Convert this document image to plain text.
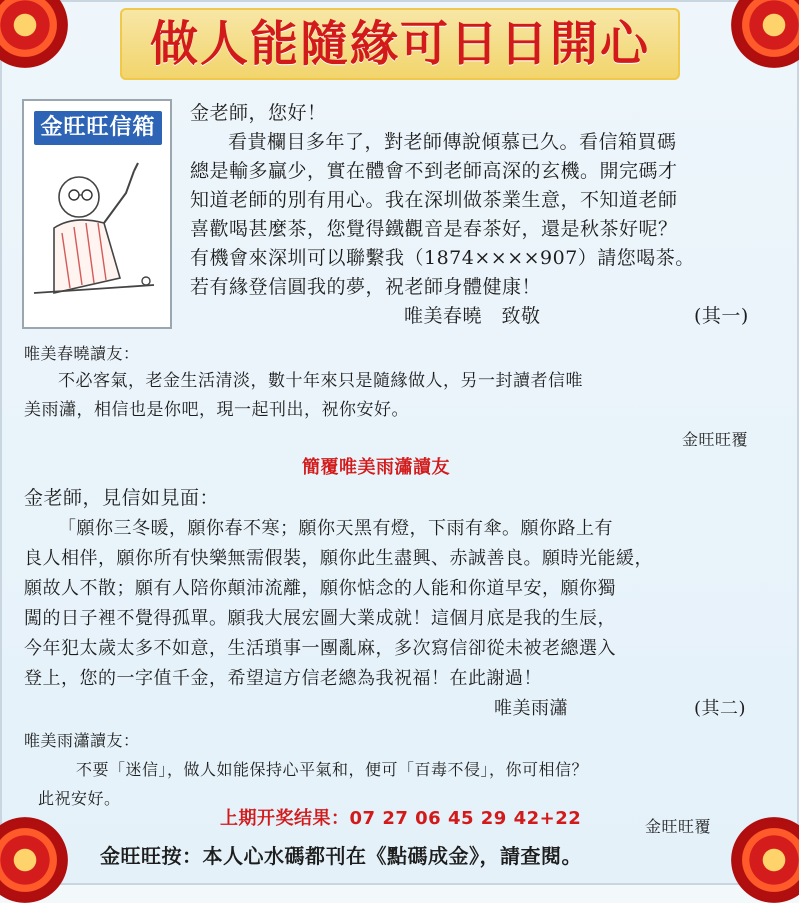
做人能隨緣可日日開心
金旺旺信箱
金老師，您好！
看貴欄目多年了，對老師傳說傾慕已久。看信箱買碼
總是輸多贏少，實在體會不到老師高深的玄機。開完碼才
知道老師的別有用心。我在深圳做茶業生意，不知道老師
喜歡喝甚麼茶，您覺得鐵觀音是春茶好，還是秋茶好呢？
有機會來深圳可以聯繫我（1874××××907）請您喝茶。
若有緣登信圓我的夢，祝老師身體健康！
唯美春曉　致敬	(其一)
唯美春曉讀友：
不必客氣，老金生活清淡，數十年來只是隨緣做人，另一封讀者信唯
美雨瀟，相信也是你吧，現一起刊出，祝你安好。
金旺旺覆
簡覆唯美雨瀟讀友
金老師，見信如見面：
「願你三冬暖，願你春不寒；願你天黑有燈，下雨有傘。願你路上有
良人相伴，願你所有快樂無需假裝，願你此生盡興、赤誠善良。願時光能緩，
願故人不散；願有人陪你顛沛流離，願你惦念的人能和你道早安，願你獨
闖的日子裡不覺得孤單。願我大展宏圖大業成就！這個月底是我的生辰，
今年犯太歲太多不如意，生活瑣事一團亂麻，多次寫信卻從未被老總選入
登上，您的一字值千金，希望這方信老總為我祝福！在此謝過！
唯美雨瀟	(其二)
唯美雨瀟讀友：
不要「迷信」，做人如能保持心平氣和，便可「百毒不侵」，你可相信？
此祝安好。
上期开奖结果：07 27 06 45 29 42+22	金旺旺覆
金旺旺按：本人心水碼都刊在《點碼成金》，請查閱。
